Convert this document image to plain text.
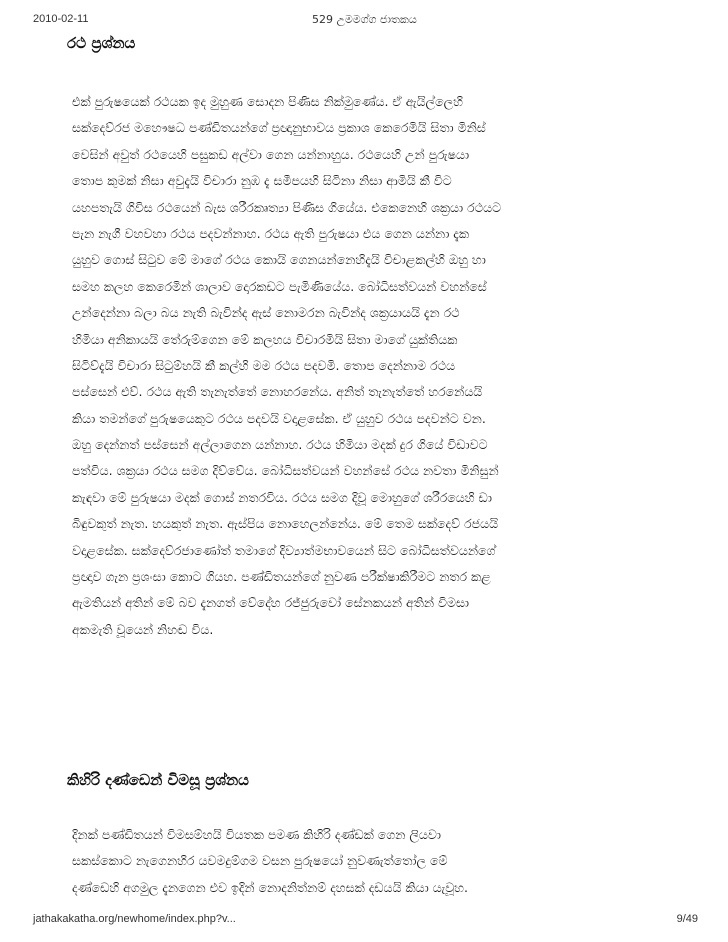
2010-02-11	529 උමමග්ග ජාතකය
රථ ප්‍රශ්නය
එක් පුරුෂයෙක් රථයක ඉද මුහුණ සොදන පිණිස නික්මුණේය. ඒ ඇයිල්ලෙහි
සක්දෙව්රජ මහෞෂධ පණ්ඩිතයන්ගේ ප්‍රඥානුභාවය ප්‍රකාශ කෙරෙමියි සිතා මිනිස්
වෙසින් අවුත් රථයෙහි පසුකඩ අල්වා ගෙන යන්නාහුය. රථයෙහි උන් පුරුෂයා
තොප කුමක් නිසා අවුදැයි විචාරා නුඹ දැ සමීපයහි සිටිනා නිසා ආමියි කී විට
යහපතැයි ගිවිස රථයෙන් බැස ශරීරකෘත්‍යා පිණිස ගියේය. එකෙනෙහි ශක්‍රයා රථයට
පැන නැගී වහවහා රථය පදවන්නාහ. රථය ඇති පුරුෂයා එය ගෙන යන්නා දැක
යුහුව ගොස් සිටුව මේ මාගේ රථය කොයි ගෙනයන්නෙහිදැයි විචාළකල්හි ඔහු හා
සමහ කලහ කෙරෙමින් ශාලාව දොරකඩට පැමිණියේය. බෝධිසත්වයන් වහන්සේ
උන්දෙන්නා බලා බය නැති බැවින්ද ඇස් නොමරන බැවින්ද ශක්‍රයායයි දැන රථ
හිමියා අනිකායයි තේරුම්ගෙන මේ කලහය විචාරමියි සිතා මාගේ යුක්තියක
සිටිව්දැයි විචාරා සිටුම්හයි කී කල්හි මම රථය පදවමි. තොප දෙන්නාම රථය
පස්සෙන් එව්. රථය ඇති තැනැත්තේ නොහරනේය. අනිත් තැනැත්තේ හරනේයයි
කියා තමන්ගේ පුරුෂයෙකුට රථය පදවයි වදාළසේක. ඒ යුහුව රථය පදවන්ට වන.
ඔහු දෙන්නත් පස්සෙන් අල්ලාගෙන යන්නාහ. රථය හිමියා මදක් දුර ගියේ විඩාවට
පත්විය. ශක්‍රයා රථය සමග දිව්වේය. බෝධිසත්වයන් වහන්සේ රථය නවතා මිනිසුන්
කැඳවා මේ පුරුෂයා මදක් ගොස් නතරවිය. රථය සමග දිවූ මොහුගේ ශරීරයෙහි ඩා
බිඳුවකුත් නැත. හයකුත් නැත. ඇස්පිය නොහෙලන්නේය. මේ තෙම සක්දෙව් රජයයි
වදාළසේක. සක්දෙව්රජාණෝත් තමාගේ දිව්‍යාත්මභාවයෙන් සිට බෝධිසත්වයන්ගේ
ප්‍රඥාව ගැන ප්‍රශංසා කොට ගියහ. පණ්ඩිතයන්ගේ නුවණ පරීක්ෂාකිරීමට නතර කළ
ඇමතියන් අතින් මේ බව දැනගත් වේදේහ රජ්ජුරුවෝ සේනකයන් අතින් විමසා
අකමැති වූයෙන් නිහඬ විය.
කිහිරි දණ්ඩෙන් විමසූ ප්‍රශ්නය
දිනක් පණ්ඩිතයන් විමසම්හයි වියතක පමණ කිහිරි දණ්ඩක් ගෙන ලියවා
සකස්කොට නැගෙනහිර යවමදුම්ගම වසන පුරුෂයෝ නුවණැත්තෝල මේ
දණ්ඩෙහි අගමුල දැනගෙන එව ඉදින් නොදනිත්නම් දහසක් දඩයයි කියා යැවූහ.
jathakakatha.org/newhome/index.php?v...	9/49
